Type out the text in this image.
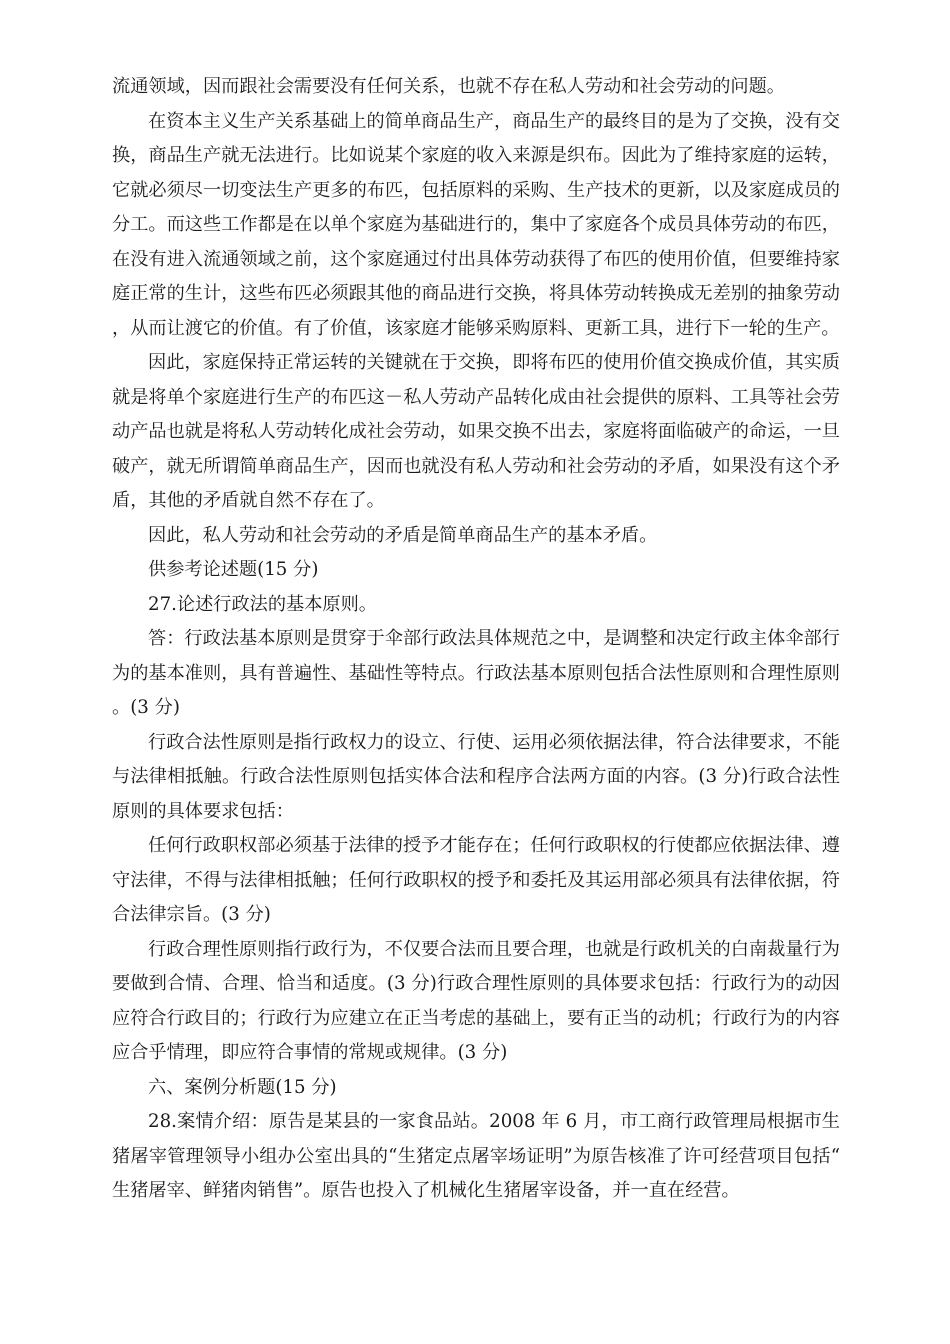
流通领域，因而跟社会需要没有任何关系，也就不存在私人劳动和社会劳动的问题。

在资本主义生产关系基础上的简单商品生产，商品生产的最终目的是为了交换，没有交换，商品生产就无法进行。比如说某个家庭的收入来源是织布。因此为了维持家庭的运转，它就必须尽一切变法生产更多的布匹，包括原料的采购、生产技术的更新，以及家庭成员的分工。而这些工作都是在以单个家庭为基础进行的，集中了家庭各个成员具体劳动的布匹，在没有进入流通领域之前，这个家庭通过付出具体劳动获得了布匹的使用价值，但要维持家庭正常的生计，这些布匹必须跟其他的商品进行交换，将具体劳动转换成无差别的抽象劳动，从而让渡它的价值。有了价值，该家庭才能够采购原料、更新工具，进行下一轮的生产。

因此，家庭保持正常运转的关键就在于交换，即将布匹的使用价值交换成价值，其实质就是将单个家庭进行生产的布匹这－私人劳动产品转化成由社会提供的原料、工具等社会劳动产品也就是将私人劳动转化成社会劳动，如果交换不出去，家庭将面临破产的命运，一旦破产，就无所谓简单商品生产，因而也就没有私人劳动和社会劳动的矛盾，如果没有这个矛盾，其他的矛盾就自然不存在了。

因此，私人劳动和社会劳动的矛盾是简单商品生产的基本矛盾。

供参考论述题(15 分)

27.论述行政法的基本原则。

答：行政法基本原则是贯穿于伞部行政法具体规范之中，是调整和决定行政主体伞部行为的基本准则，具有普遍性、基础性等特点。行政法基本原则包括合法性原则和合理性原则。(3 分)

行政合法性原则是指行政权力的设立、行使、运用必须依据法律，符合法律要求，不能与法律相抵触。行政合法性原则包括实体合法和程序合法两方面的内容。(3 分)行政合法性原则的具体要求包括：

任何行政职权部必须基于法律的授予才能存在；任何行政职权的行使都应依据法律、遵守法律，不得与法律相抵触；任何行政职权的授予和委托及其运用部必须具有法律依据，符合法律宗旨。(3 分)

行政合理性原则指行政行为，不仅要合法而且要合理，也就是行政机关的白南裁量行为要做到合情、合理、恰当和适度。(3 分)行政合理性原则的具体要求包括：行政行为的动因应符合行政目的；行政行为应建立在正当考虑的基础上，要有正当的动机；行政行为的内容应合乎情理，即应符合事情的常规或规律。(3 分)

六、案例分析题(15 分)

28.案情介绍：原告是某县的一家食品站。2008 年 6 月，市工商行政管理局根据市生猪屠宰管理领导小组办公室出具的“生猪定点屠宰场证明”为原告核准了许可经营项目包括“生猪屠宰、鲜猪肉销售”。原告也投入了机械化生猪屠宰设备，并一直在经营。
